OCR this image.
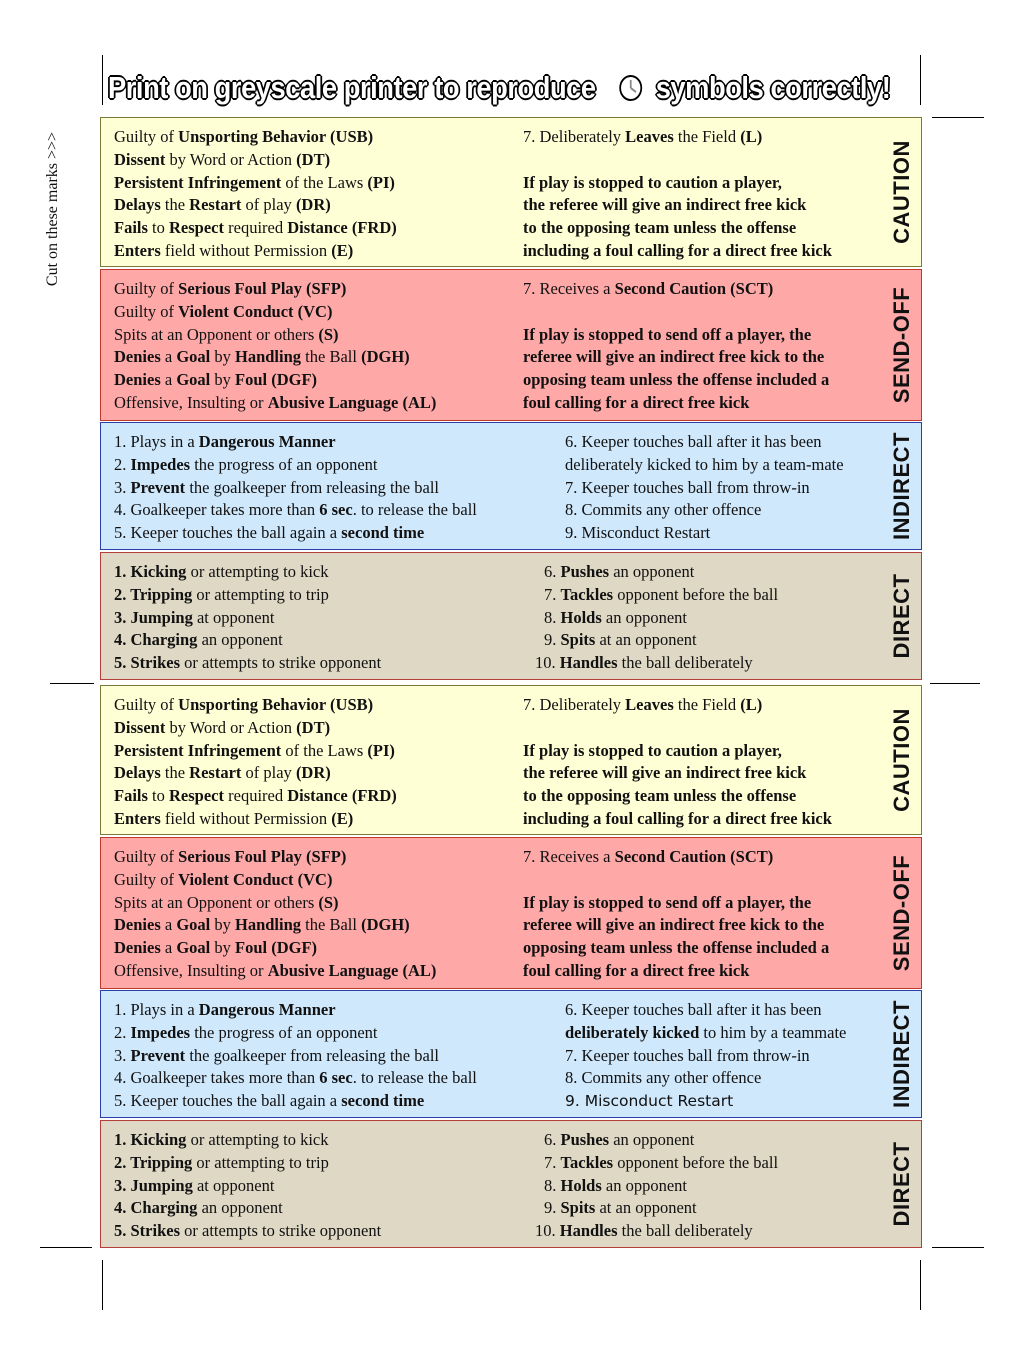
Print on greyscale printer to reproduce symbols correctly!
Cut on these marks >>>	Guilty of Unsporting Behavior (USB)
Dissent by Word or Action (DT)
Persistent Infringement of the Laws (PI)
Delays the Restart of play (DR)
Fails to Respect required Distance (FRD)
Enters field without Permission (E)
7. Deliberately Leaves the Field (L)
If play is stopped to caution a player,
the referee will give an indirect free kick
to the opposing team unless the offense
including a foul calling for a direct free kick
CAUTION
Guilty of Serious Foul Play (SFP)
Guilty of Violent Conduct (VC)
Spits at an Opponent or others (S)
Denies a Goal by Handling the Ball (DGH)
Denies a Goal by Foul (DGF)
Offensive, Insulting or Abusive Language (AL)
7. Receives a Second Caution (SCT)
If play is stopped to send off a player, the
referee will give an indirect free kick to the
opposing team unless the offense included a
foul calling for a direct free kick	SEND-OFF
1. Plays in a Dangerous Manner
2. Impedes the progress of an opponent
3. Prevent the goalkeeper from releasing the ball
4. Goalkeeper takes more than 6 sec. to release the ball
5. Keeper touches the ball again a second time
6. Keeper touches ball after it has been
deliberately kicked to him by a team-mate
7. Keeper touches ball from throw-in
8. Commits any other offence
9. Misconduct Restart	INDIRECT
1. Kicking or attempting to kick
2. Tripping or attempting to trip
3. Jumping at opponent
4. Charging an opponent
5. Strikes or attempts to strike opponent
6. Pushes an opponent
7. Tackles opponent before the ball
8. Holds an opponent
9. Spits at an opponent
10. Handles the ball deliberately
DIRECT
Guilty of Unsporting Behavior (USB)
Dissent by Word or Action (DT)
Persistent Infringement of the Laws (PI)
Delays the Restart of play (DR)
Fails to Respect required Distance (FRD)
Enters field without Permission (E)
7. Deliberately Leaves the Field (L)
If play is stopped to caution a player,
the referee will give an indirect free kick
to the opposing team unless the offense
including a foul calling for a direct free kick
CAUTION
Guilty of Serious Foul Play (SFP)
Guilty of Violent Conduct (VC)
Spits at an Opponent or others (S)
Denies a Goal by Handling the Ball (DGH)
Denies a Goal by Foul (DGF)
Offensive, Insulting or Abusive Language (AL)
7. Receives a Second Caution (SCT)
If play is stopped to send off a player, the
referee will give an indirect free kick to the
opposing team unless the offense included a
foul calling for a direct free kick	SEND-OFF
1. Plays in a Dangerous Manner
2. Impedes the progress of an opponent
3. Prevent the goalkeeper from releasing the ball
4. Goalkeeper takes more than 6 sec. to release the ball
5. Keeper touches the ball again a second time
6. Keeper touches ball after it has been
deliberately kicked to him by a teammate
7. Keeper touches ball from throw-in
8. Commits any other offence
9. Misconduct Restart	INDIRECT
1. Kicking or attempting to kick
2. Tripping or attempting to trip
3. Jumping at opponent
4. Charging an opponent
5. Strikes or attempts to strike opponent
6. Pushes an opponent
7. Tackles opponent before the ball
8. Holds an opponent
9. Spits at an opponent
10. Handles the ball deliberately
DIRECT
